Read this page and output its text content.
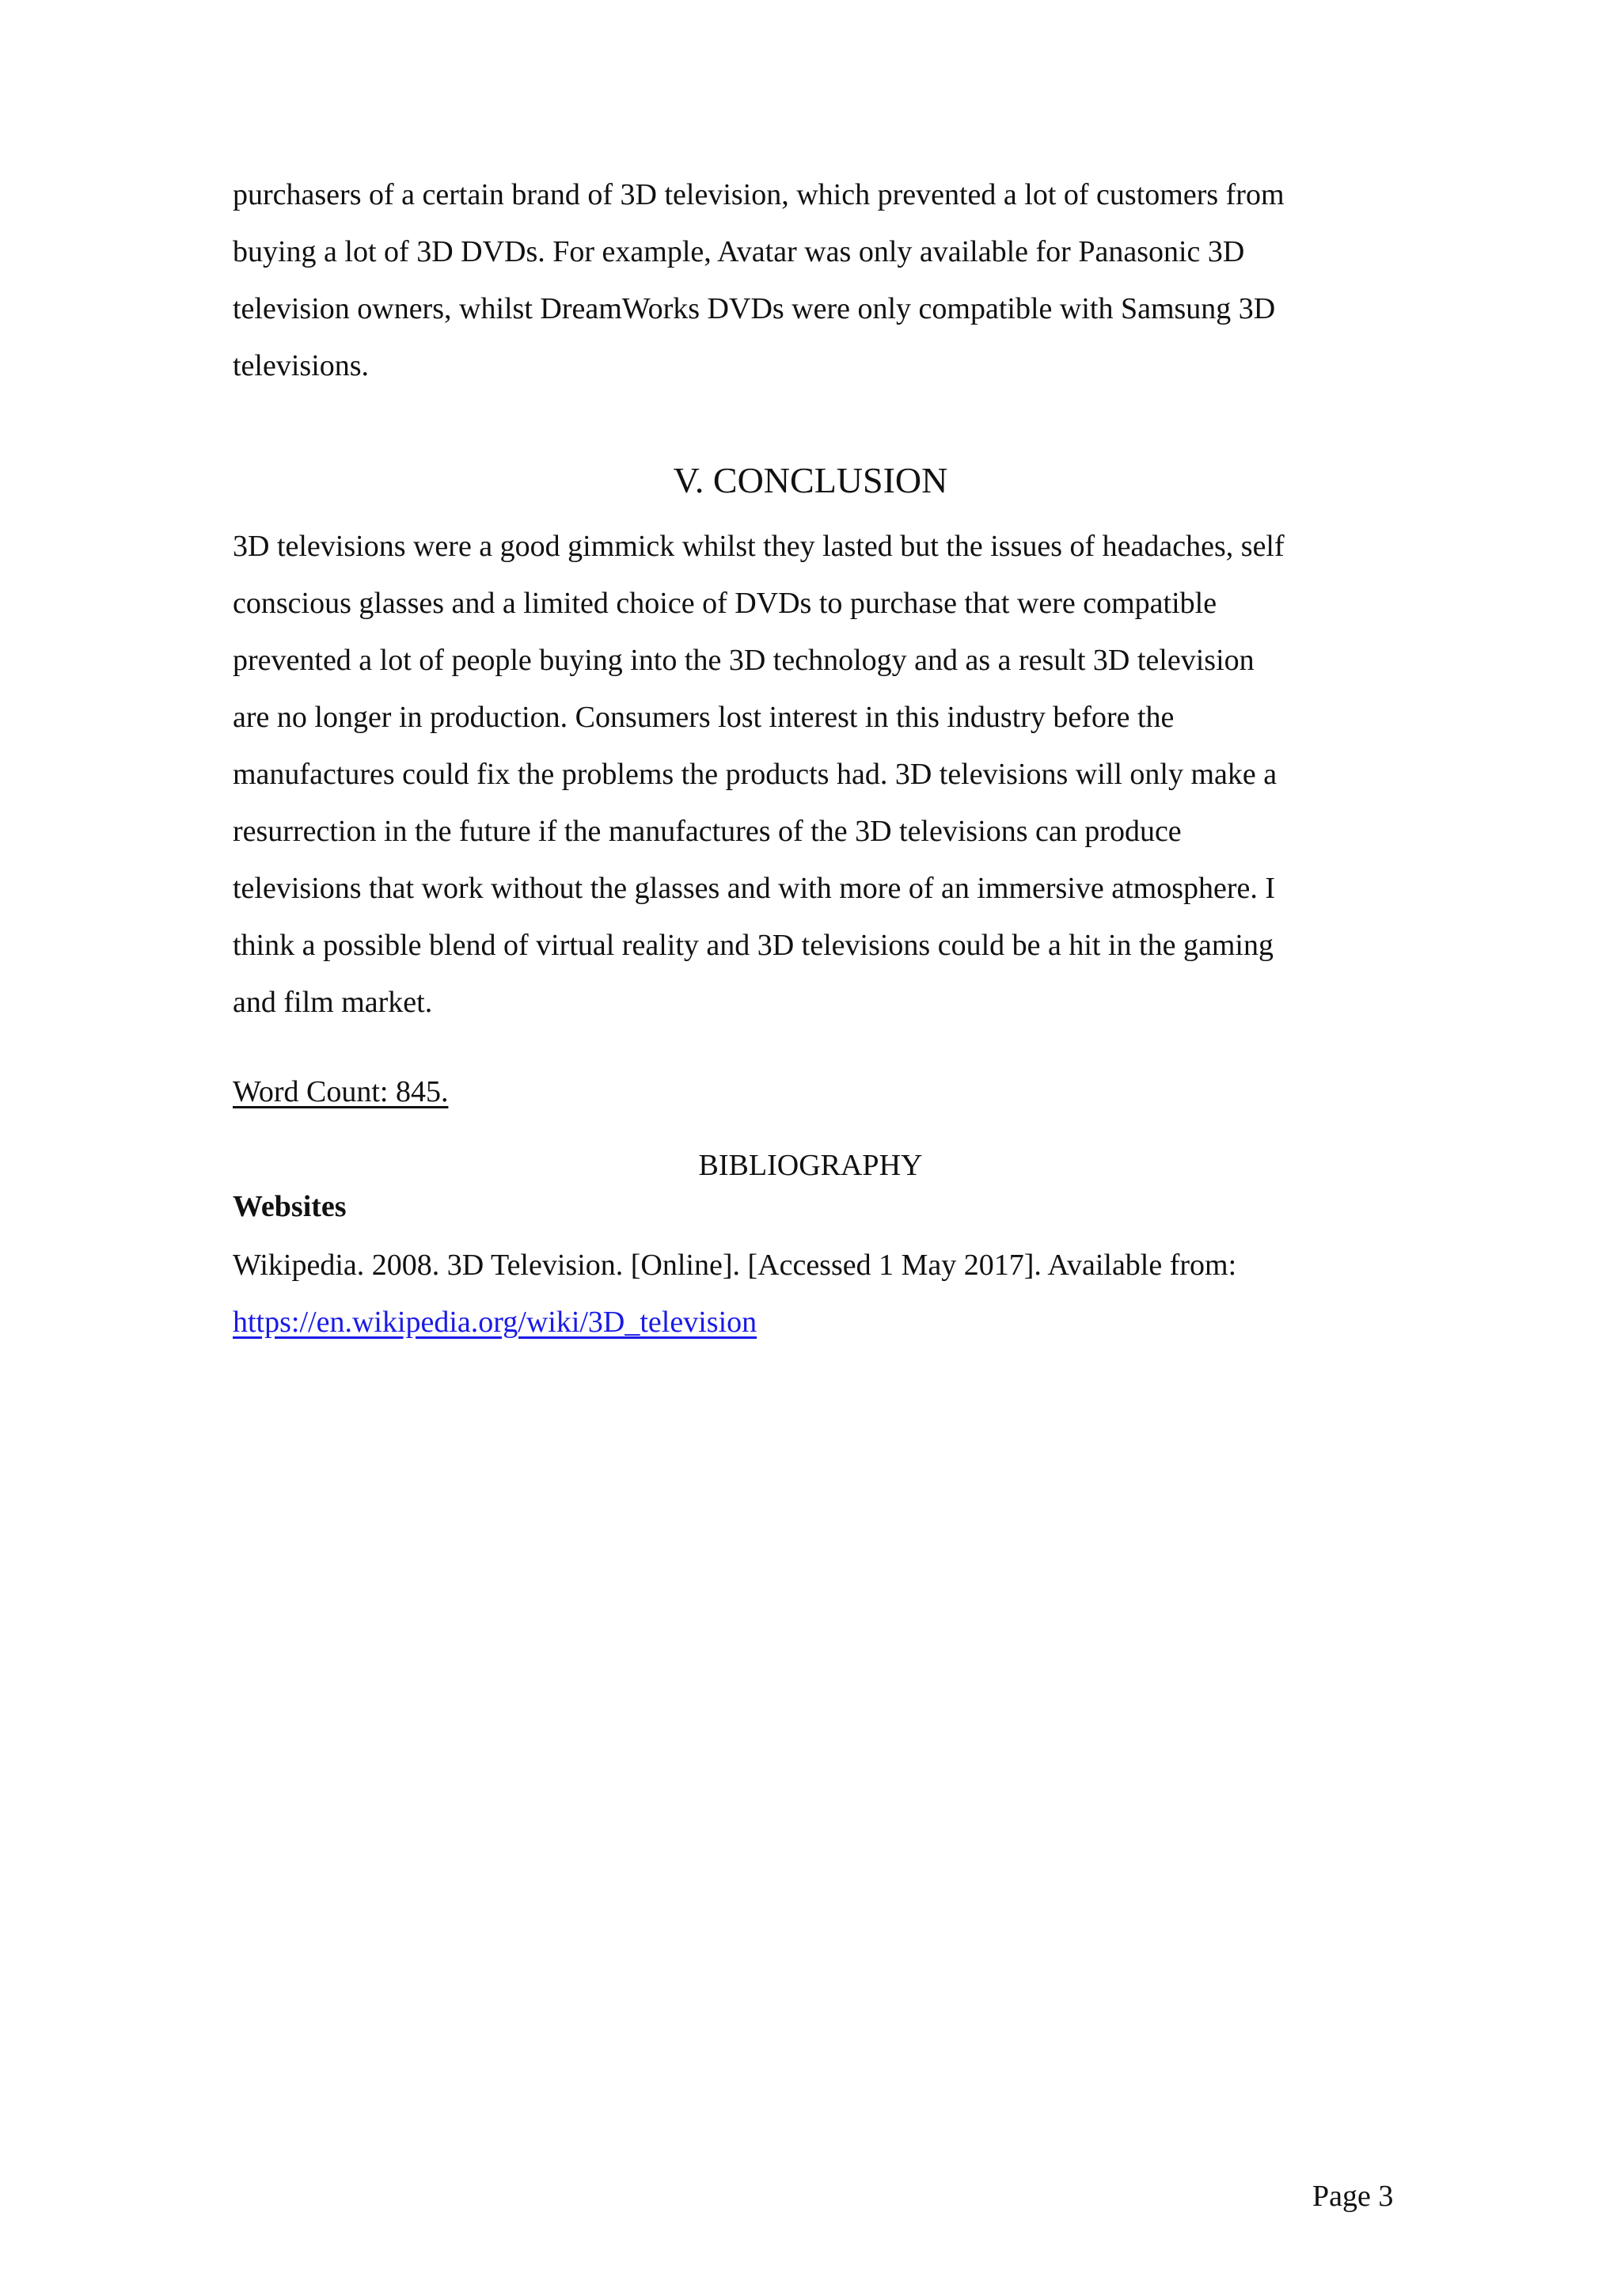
purchasers of a certain brand of 3D television, which prevented a lot of customers from
buying a lot of 3D DVDs. For example, Avatar was only available for Panasonic 3D
television owners, whilst DreamWorks DVDs were only compatible with Samsung 3D
televisions.

V. CONCLUSION

3D televisions were a good gimmick whilst they lasted but the issues of headaches, self
conscious glasses and a limited choice of DVDs to purchase that were compatible
prevented a lot of people buying into the 3D technology and as a result 3D television
are no longer in production. Consumers lost interest in this industry before the
manufactures could fix the problems the products had. 3D televisions will only make a
resurrection in the future if the manufactures of the 3D televisions can produce
televisions that work without the glasses and with more of an immersive atmosphere. I
think a possible blend of virtual reality and 3D televisions could be a hit in the gaming
and film market.

Word Count: 845.

BIBLIOGRAPHY

Websites

Wikipedia. 2008. 3D Television. [Online]. [Accessed 1 May 2017]. Available from:
https://en.wikipedia.org/wiki/3D_television

Page 3
